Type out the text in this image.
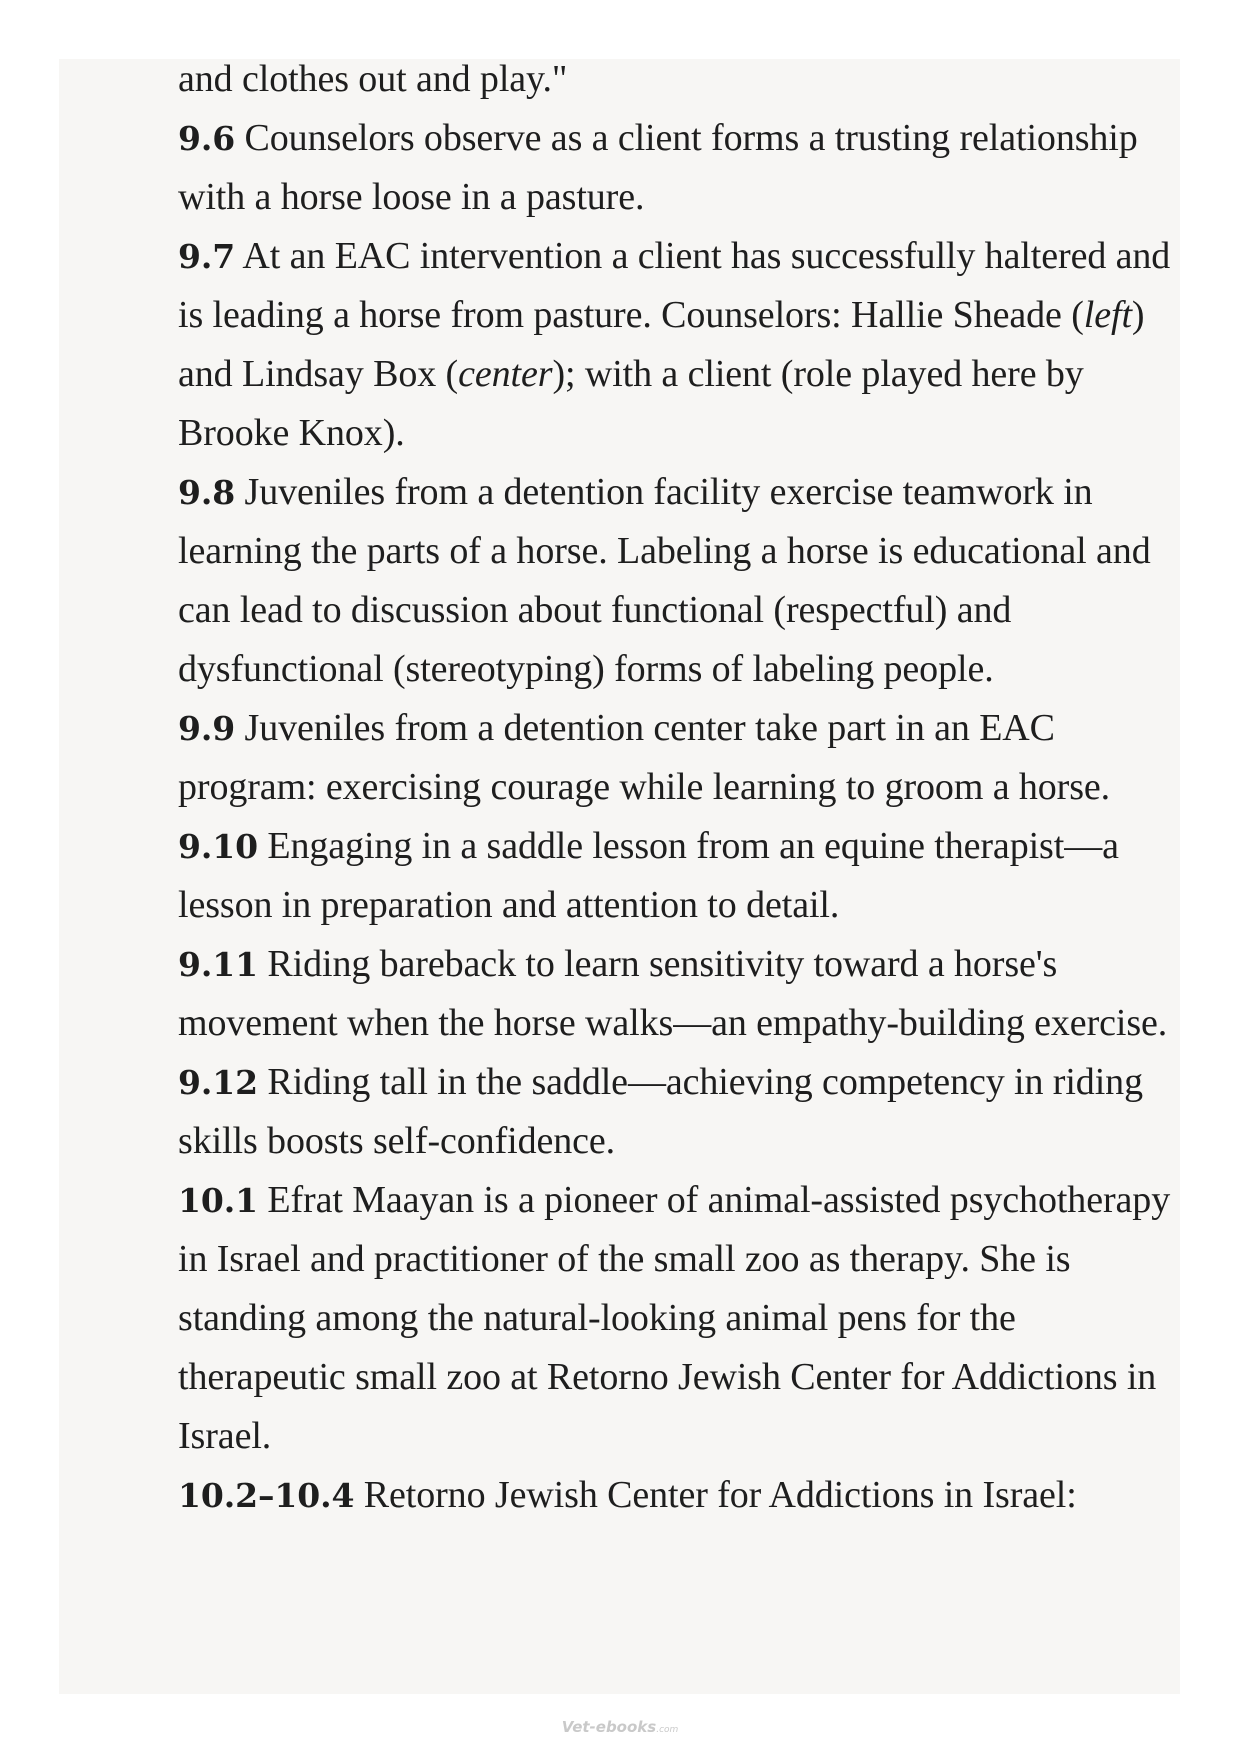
and clothes out and play."

9.6 Counselors observe as a client forms a trusting relationship with a horse loose in a pasture.

9.7 At an EAC intervention a client has successfully haltered and is leading a horse from pasture. Counselors: Hallie Sheade (left) and Lindsay Box (center); with a client (role played here by Brooke Knox).

9.8 Juveniles from a detention facility exercise teamwork in learning the parts of a horse. Labeling a horse is educational and can lead to discussion about functional (respectful) and dysfunctional (stereotyping) forms of labeling people.

9.9 Juveniles from a detention center take part in an EAC program: exercising courage while learning to groom a horse.

9.10 Engaging in a saddle lesson from an equine therapist—a lesson in preparation and attention to detail.

9.11 Riding bareback to learn sensitivity toward a horse's movement when the horse walks—an empathy-building exercise.

9.12 Riding tall in the saddle—achieving competency in riding skills boosts self-confidence.

10.1 Efrat Maayan is a pioneer of animal-assisted psychotherapy in Israel and practitioner of the small zoo as therapy. She is standing among the natural-looking animal pens for the therapeutic small zoo at Retorno Jewish Center for Addictions in Israel.

10.2–10.4 Retorno Jewish Center for Addictions in Israel:

Vet-ebooks.com
